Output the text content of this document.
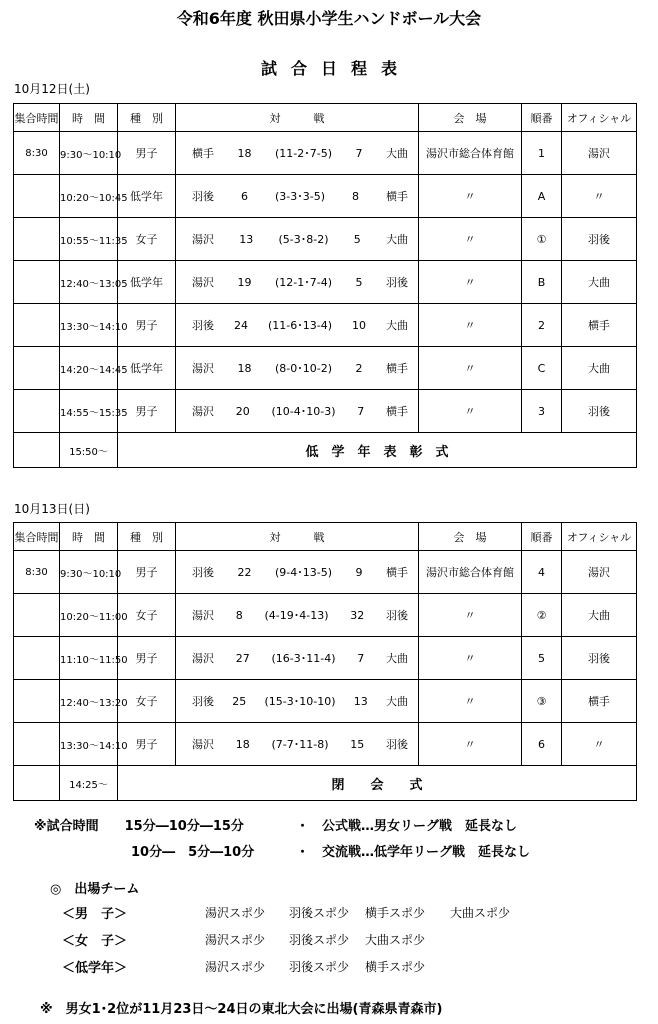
令和6年度 秋田県小学生ハンドボール大会
試合日程表
10月12日(土)
集合時間	時　間	種　別	対　　　戦	会　場	順番	オフィシャル
8:30	9:30～10:10	男子	横手 18 (11-2･7-5) 7 大曲	湯沢市総合体育館	1	湯沢
	10:20～10:45	低学年	羽後 6 (3-3･3-5) 8 横手	〃	A	〃
	10:55～11:35	女子	湯沢 13 (5-3･8-2) 5 大曲	〃	①	羽後
	12:40～13:05	低学年	湯沢 19 (12-1･7-4) 5 羽後	〃	B	大曲
	13:30～14:10	男子	羽後 24 (11-6･13-4) 10 大曲	〃	2	横手
	14:20～14:45	低学年	湯沢 18 (8-0･10-2) 2 横手	〃	C	大曲
	14:55～15:35	男子	湯沢 20 (10-4･10-3) 7 横手	〃	3	羽後
	15:50～	低　学　年　表　彰　式				
10月13日(日)
集合時間	時　間	種　別	対　　　戦	会　場	順番	オフィシャル
8:30	9:30～10:10	男子	羽後 22 (9-4･13-5) 9 横手	湯沢市総合体育館	4	湯沢
	10:20～11:00	女子	湯沢 8 (4-19･4-13) 32 羽後	〃	②	大曲
	11:10～11:50	男子	湯沢 27 (16-3･11-4) 7 大曲	〃	5	羽後
	12:40～13:20	女子	羽後 25 (15-3･10-10) 13 大曲	〃	③	横手
	13:30～14:10	男子	湯沢 18 (7-7･11-8) 15 羽後	〃	6	〃
	14:25～	閉　　会　　式				
※試合時間　　15分―10分―15分	・　公式戦…男女リーグ戦　延長なし
10分―　5分―10分	・　交流戦…低学年リーグ戦　延長なし
◎　出場チーム
＜男　子＞	湯沢スポ少 羽後スポ少 横手スポ少 大曲スポ少
＜女　子＞	湯沢スポ少 羽後スポ少 大曲スポ少
＜低学年＞	湯沢スポ少 羽後スポ少 横手スポ少
※　男女1･2位が11月23日～24日の東北大会に出場(青森県青森市)
